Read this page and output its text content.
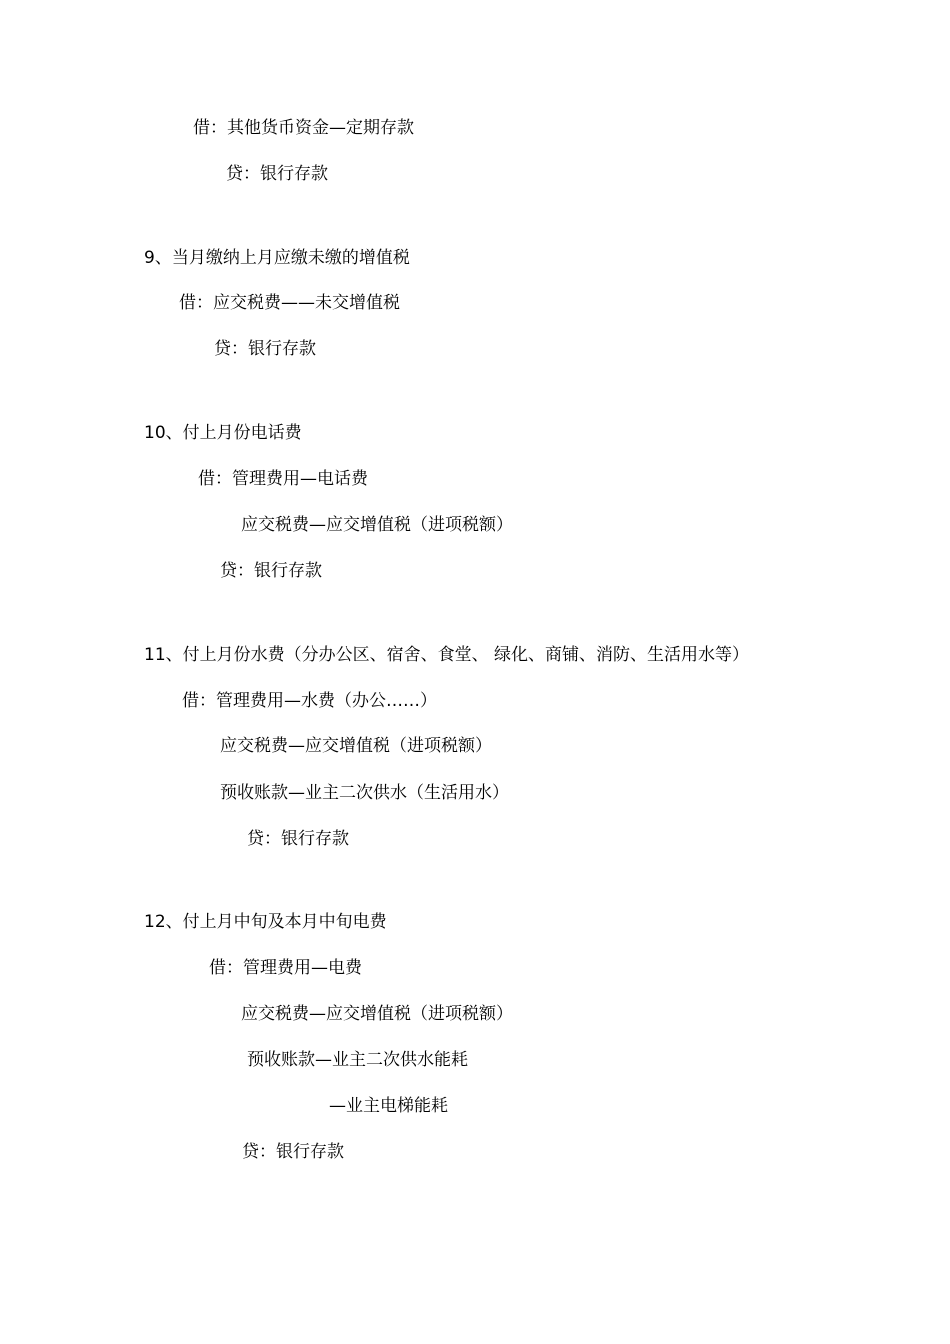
借：其他货币资金—定期存款
贷：银行存款
9、当月缴纳上月应缴未缴的增值税
借：应交税费——未交增值税
贷：银行存款
10、付上月份电话费
借：管理费用—电话费
应交税费—应交增值税（进项税额）
贷：银行存款
11、付上月份水费（分办公区、宿舍、食堂、 绿化、商铺、消防、生活用水等）
借：管理费用—水费（办公……）
应交税费—应交增值税（进项税额）
预收账款—业主二次供水（生活用水）
贷：银行存款
12、付上月中旬及本月中旬电费
借：管理费用—电费
应交税费—应交增值税（进项税额）
预收账款—业主二次供水能耗
—业主电梯能耗
贷：银行存款
